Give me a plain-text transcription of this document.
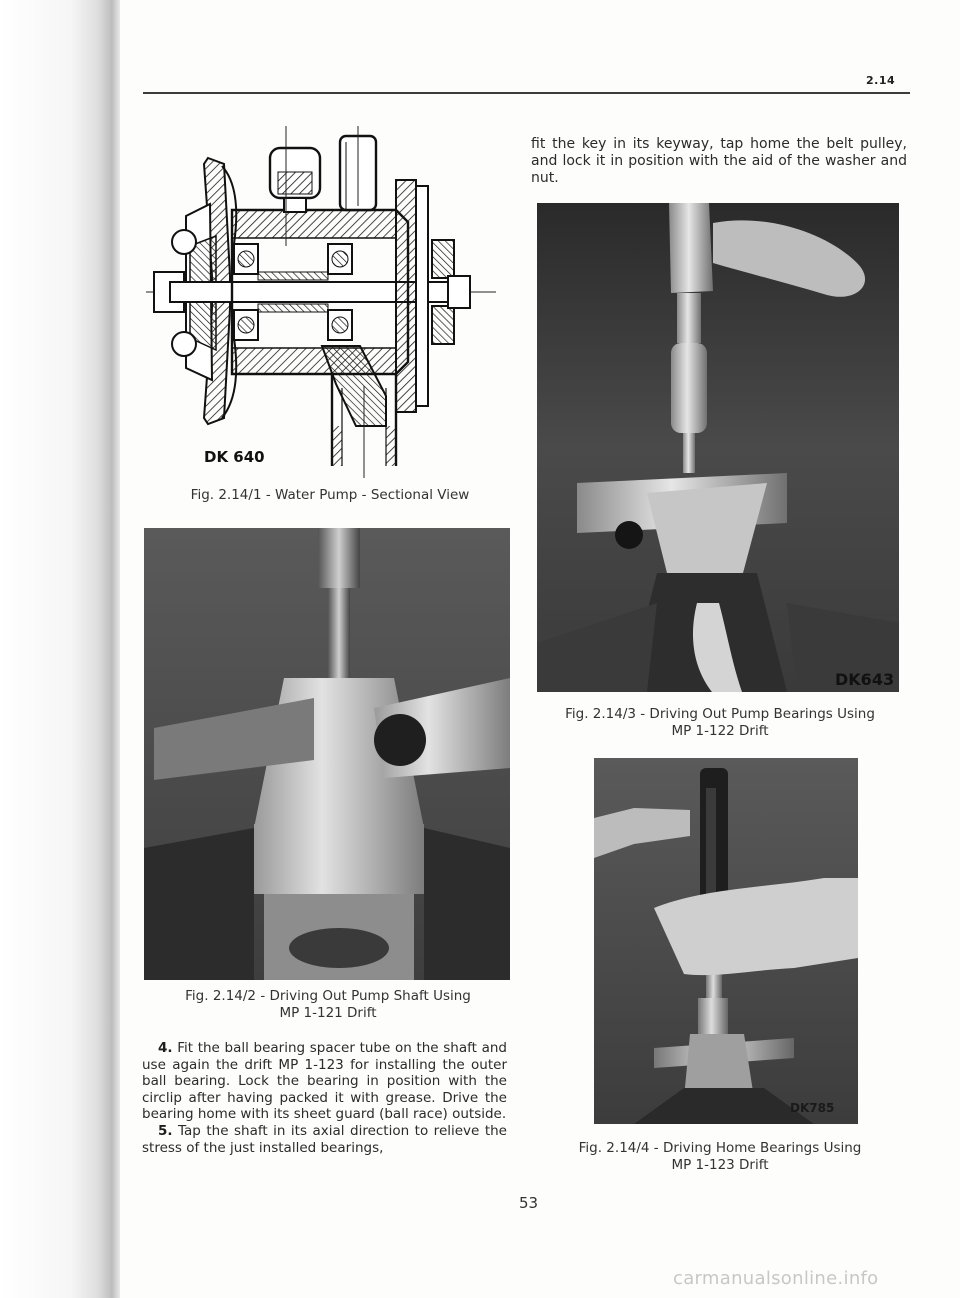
2.14
DK 640
Fig. 2.14/1 - Water Pump - Sectional View
Fig. 2.14/2 - Driving Out Pump Shaft Using
MP 1-121 Drift

4. Fit the ball bearing spacer tube on the shaft and use again the drift MP 1-123 for installing the outer ball bearing. Lock the bearing in position with the circlip after having packed it with grease. Drive the bearing home with its sheet guard (ball race) outside.

5. Tap the shaft in its axial direction to relieve the stress of the just installed bearings,

fit the key in its keyway, tap home the belt pulley, and lock it in position with the aid of the washer and nut.
DK643
Fig. 2.14/3 - Driving Out Pump Bearings Using
MP 1-122 Drift
DK785
Fig. 2.14/4 - Driving Home Bearings Using
MP 1-123 Drift
53
carmanualsonline.info
